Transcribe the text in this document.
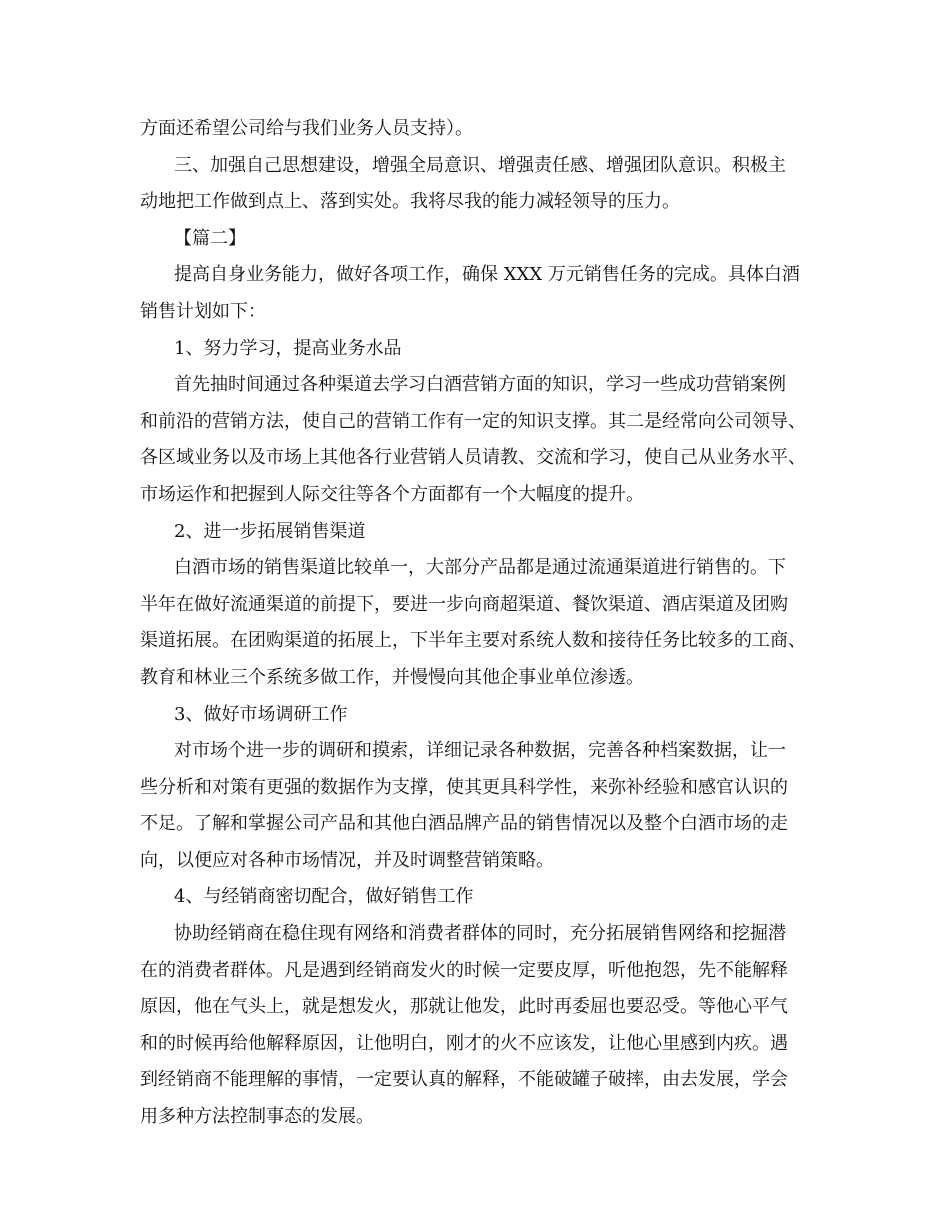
方面还希望公司给与我们业务人员支持）。
三、加强自己思想建设，增强全局意识、增强责任感、增强团队意识。积极主
动地把工作做到点上、落到实处。我将尽我的能力减轻领导的压力。
【篇二】
提高自身业务能力，做好各项工作，确保 XXX 万元销售任务的完成。具体白酒
销售计划如下：
1、努力学习，提高业务水品
首先抽时间通过各种渠道去学习白酒营销方面的知识，学习一些成功营销案例
和前沿的营销方法，使自己的营销工作有一定的知识支撑。其二是经常向公司领导、
各区域业务以及市场上其他各行业营销人员请教、交流和学习，使自己从业务水平、
市场运作和把握到人际交往等各个方面都有一个大幅度的提升。
2、进一步拓展销售渠道
白酒市场的销售渠道比较单一，大部分产品都是通过流通渠道进行销售的。下
半年在做好流通渠道的前提下，要进一步向商超渠道、餐饮渠道、酒店渠道及团购
渠道拓展。在团购渠道的拓展上，下半年主要对系统人数和接待任务比较多的工商、
教育和林业三个系统多做工作，并慢慢向其他企事业单位渗透。
3、做好市场调研工作
对市场个进一步的调研和摸索，详细记录各种数据，完善各种档案数据，让一
些分析和对策有更强的数据作为支撑，使其更具科学性，来弥补经验和感官认识的
不足。了解和掌握公司产品和其他白酒品牌产品的销售情况以及整个白酒市场的走
向，以便应对各种市场情况，并及时调整营销策略。
4、与经销商密切配合，做好销售工作
协助经销商在稳住现有网络和消费者群体的同时，充分拓展销售网络和挖掘潜
在的消费者群体。凡是遇到经销商发火的时候一定要皮厚，听他抱怨，先不能解释
原因，他在气头上，就是想发火，那就让他发，此时再委屈也要忍受。等他心平气
和的时候再给他解释原因，让他明白，刚才的火不应该发，让他心里感到内疚。遇
到经销商不能理解的事情，一定要认真的解释，不能破罐子破摔，由去发展，学会
用多种方法控制事态的发展。
